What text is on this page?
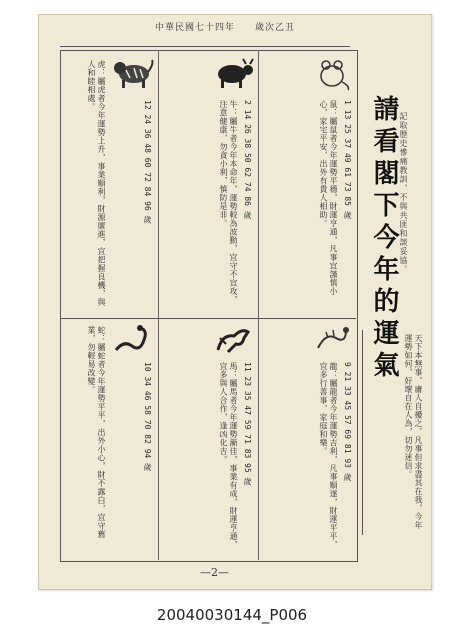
中華民國七十四年　　歲次乙丑
鼠：屬鼠者今年運勢平穩，財運亨通，凡事宜謹慎小心，家宅平安，出外有貴人相助。	1 13 25 37 49 61 73 85 歲
牛：屬牛者今年本命年，運勢較為波動，宜守不宜攻，注意健康，勿貪小利，慎防是非。	2 14 26 38 50 62 74 86 歲
虎：屬虎者今年運勢上升，事業順利，財源廣進，宜把握良機，與人和睦相處。
12 24 36 48 60 72 84 96 歲
龍：屬龍者今年運勢吉利，凡事順遂，財運平平，宜多行善事，家庭和樂。	9 21 33 45 57 69 81 93 歲
蛇：屬蛇者今年運勢平平，出外小心，財不露白，宜守舊業，勿輕易改變。
10 34 46 58 70 82 94 歲	馬：屬馬者今年運勢漸佳，事業有成，財運亨通，宜多與人合作，逢凶化吉。	11 23 35 47 59 71 83 95 歲
請看閣下今年的運氣 記取歷史慘痛教訓，不與共匪和談妥協。
天下本無事，庸人自擾之。凡事但求盡其在我，今年運勢如何，好壞自在人為，切勿迷信。
—2—
20040030144_P006
